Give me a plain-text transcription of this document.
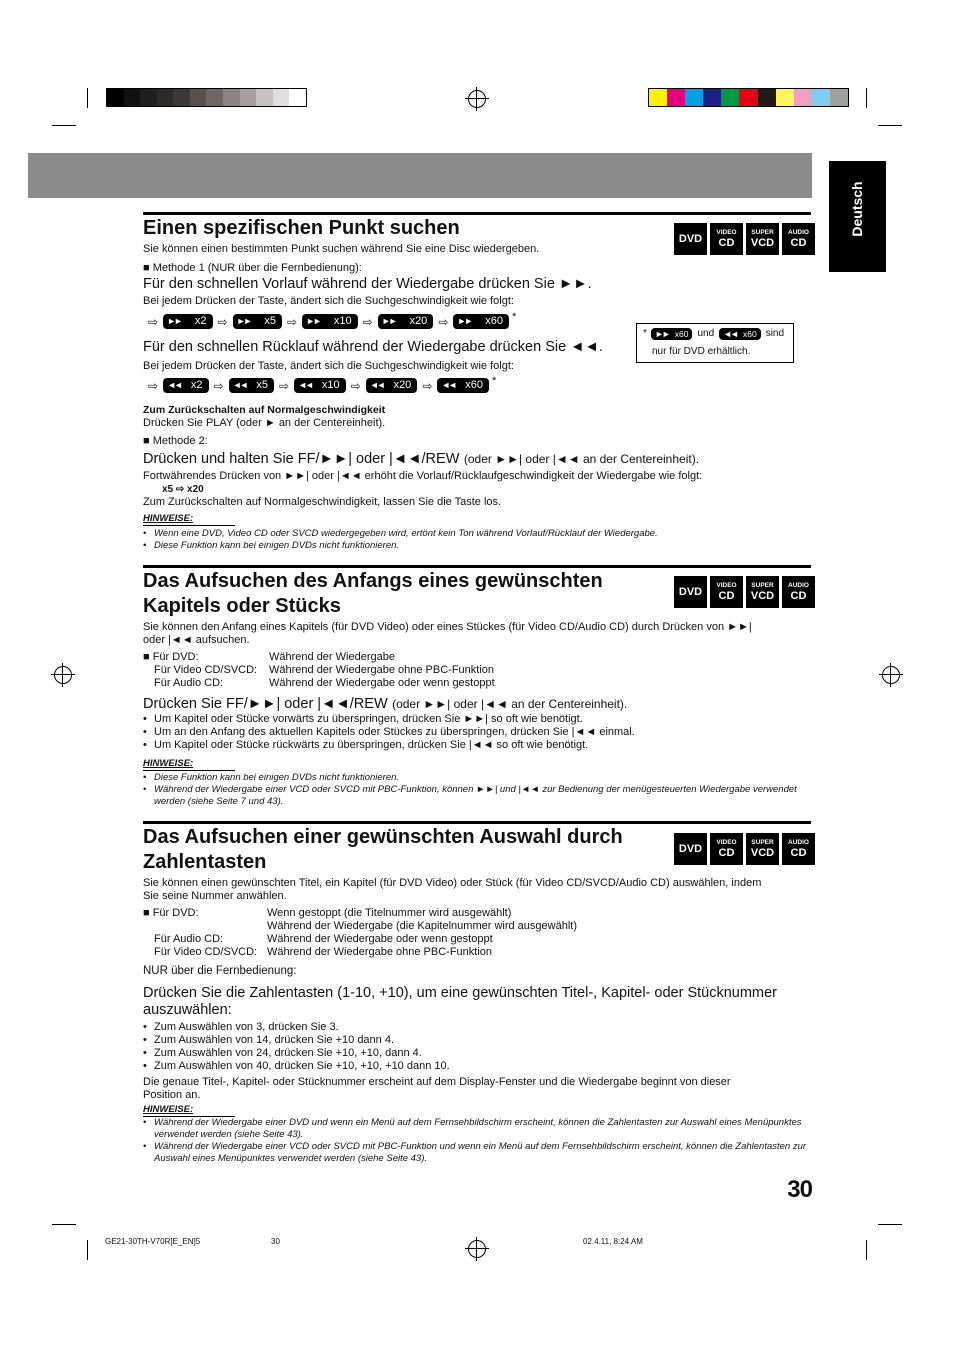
Deutsch
Einen spezifischen Punkt suchen	DVD
VIDEO
CD
SUPER
VCD
AUDIO
CD
Sie können einen bestimmten Punkt suchen während Sie eine Disc wiedergeben.
■ Methode 1 (NUR über die Fernbedienung):
Für den schnellen Vorlauf während der Wiedergabe drücken Sie ►►.
Bei jedem Drücken der Taste, ändert sich die Suchgeschwindigkeit wie folgt:
⇨	►► x2 ⇨	►► x5 ⇨	►► x10 ⇨	►► x20 ⇨	►► x60 *
* ►► x60 und	◄◄ x60 sind
nur für DVD erhältlich.
Für den schnellen Rücklauf während der Wiedergabe drücken Sie ◄◄.
Bei jedem Drücken der Taste, ändert sich die Suchgeschwindigkeit wie folgt:
⇨	◄◄ x2 ⇨	◄◄ x5 ⇨	◄◄ x10 ⇨	◄◄ x20 ⇨	◄◄ x60 *
Zum Zurückschalten auf Normalgeschwindigkeit
Drücken Sie PLAY (oder ► an der Centereinheit).
■ Methode 2:
Drücken und halten Sie FF/►►| oder |◄◄/REW (oder ►►| oder |◄◄ an der Centereinheit).
Fortwährendes Drücken von ►►| oder |◄◄ erhöht die Vorlauf/Rücklaufgeschwindigkeit der Wiedergabe wie folgt:
x5 ⇨ x20
Zum Zurückschalten auf Normalgeschwindigkeit, lassen Sie die Taste los.
HINWEISE:
• Wenn eine DVD, Video CD oder SVCD wiedergegeben wird, ertönt kein Ton während Vorlauf/Rücklauf der Wiedergabe.
• Diese Funktion kann bei einigen DVDs nicht funktionieren.
Das Aufsuchen des Anfangs eines gewünschten
Kapitels oder Stücks
DVD
VIDEO
CD
SUPER
VCD
AUDIO
CD
Sie können den Anfang eines Kapitels (für DVD Video) oder eines Stückes (für Video CD/Audio CD) durch Drücken von ►►|
oder |◄◄ aufsuchen.
■ Für DVD:	Während der Wiedergabe
Für Video CD/SVCD:	Während der Wiedergabe ohne PBC-Funktion
Für Audio CD:	Während der Wiedergabe oder wenn gestoppt
Drücken Sie FF/►►| oder |◄◄/REW (oder ►►| oder |◄◄ an der Centereinheit).
• Um Kapitel oder Stücke vorwärts zu überspringen, drücken Sie ►►| so oft wie benötigt.
• Um an den Anfang des aktuellen Kapitels oder Stückes zu überspringen, drücken Sie |◄◄ einmal.
• Um Kapitel oder Stücke rückwärts zu überspringen, drücken Sie |◄◄ so oft wie benötigt.
HINWEISE:
• Diese Funktion kann bei einigen DVDs nicht funktionieren.
• Während der Wiedergabe einer VCD oder SVCD mit PBC-Funktion, können ►►| und |◄◄ zur Bedienung der menügesteuerten Wiedergabe verwendet werden (siehe Seite 7 und 43).
Das Aufsuchen einer gewünschten Auswahl durch
Zahlentasten
DVD
VIDEO
CD
SUPER
VCD
AUDIO
CD
Sie können einen gewünschten Titel, ein Kapitel (für DVD Video) oder Stück (für Video CD/SVCD/Audio CD) auswählen, indem
Sie seine Nummer anwählen.
■ Für DVD:	Wenn gestoppt (die Titelnummer wird ausgewählt)
	Während der Wiedergabe (die Kapitelnummer wird ausgewählt)
Für Audio CD:	Während der Wiedergabe oder wenn gestoppt
Für Video CD/SVCD:	Während der Wiedergabe ohne PBC-Funktion
NUR über die Fernbedienung:
Drücken Sie die Zahlentasten (1-10, +10), um eine gewünschten Titel-, Kapitel- oder Stücknummer
auszuwählen:
• Zum Auswählen von 3, drücken Sie 3.
• Zum Auswählen von 14, drücken Sie +10 dann 4.
• Zum Auswählen von 24, drücken Sie +10, +10, dann 4.
• Zum Auswählen von 40, drücken Sie +10, +10, +10 dann 10.
Die genaue Titel-, Kapitel- oder Stücknummer erscheint auf dem Display-Fenster und die Wiedergabe beginnt von dieser
Position an.
HINWEISE:
• Während der Wiedergabe einer DVD und wenn ein Menü auf dem Fernsehbildschirm erscheint, können die Zahlentasten zur Auswahl eines Menüpunktes verwendet werden (siehe Seite 43).
• Während der Wiedergabe einer VCD oder SVCD mit PBC-Funktion und wenn ein Menü auf dem Fernsehbildschirm erscheint, können die Zahlentasten zur Auswahl eines Menüpunktes verwendet werden (siehe Seite 43).
30
GE21-30TH-V70R[E_EN]5	30	02.4.11, 8:24 AM
